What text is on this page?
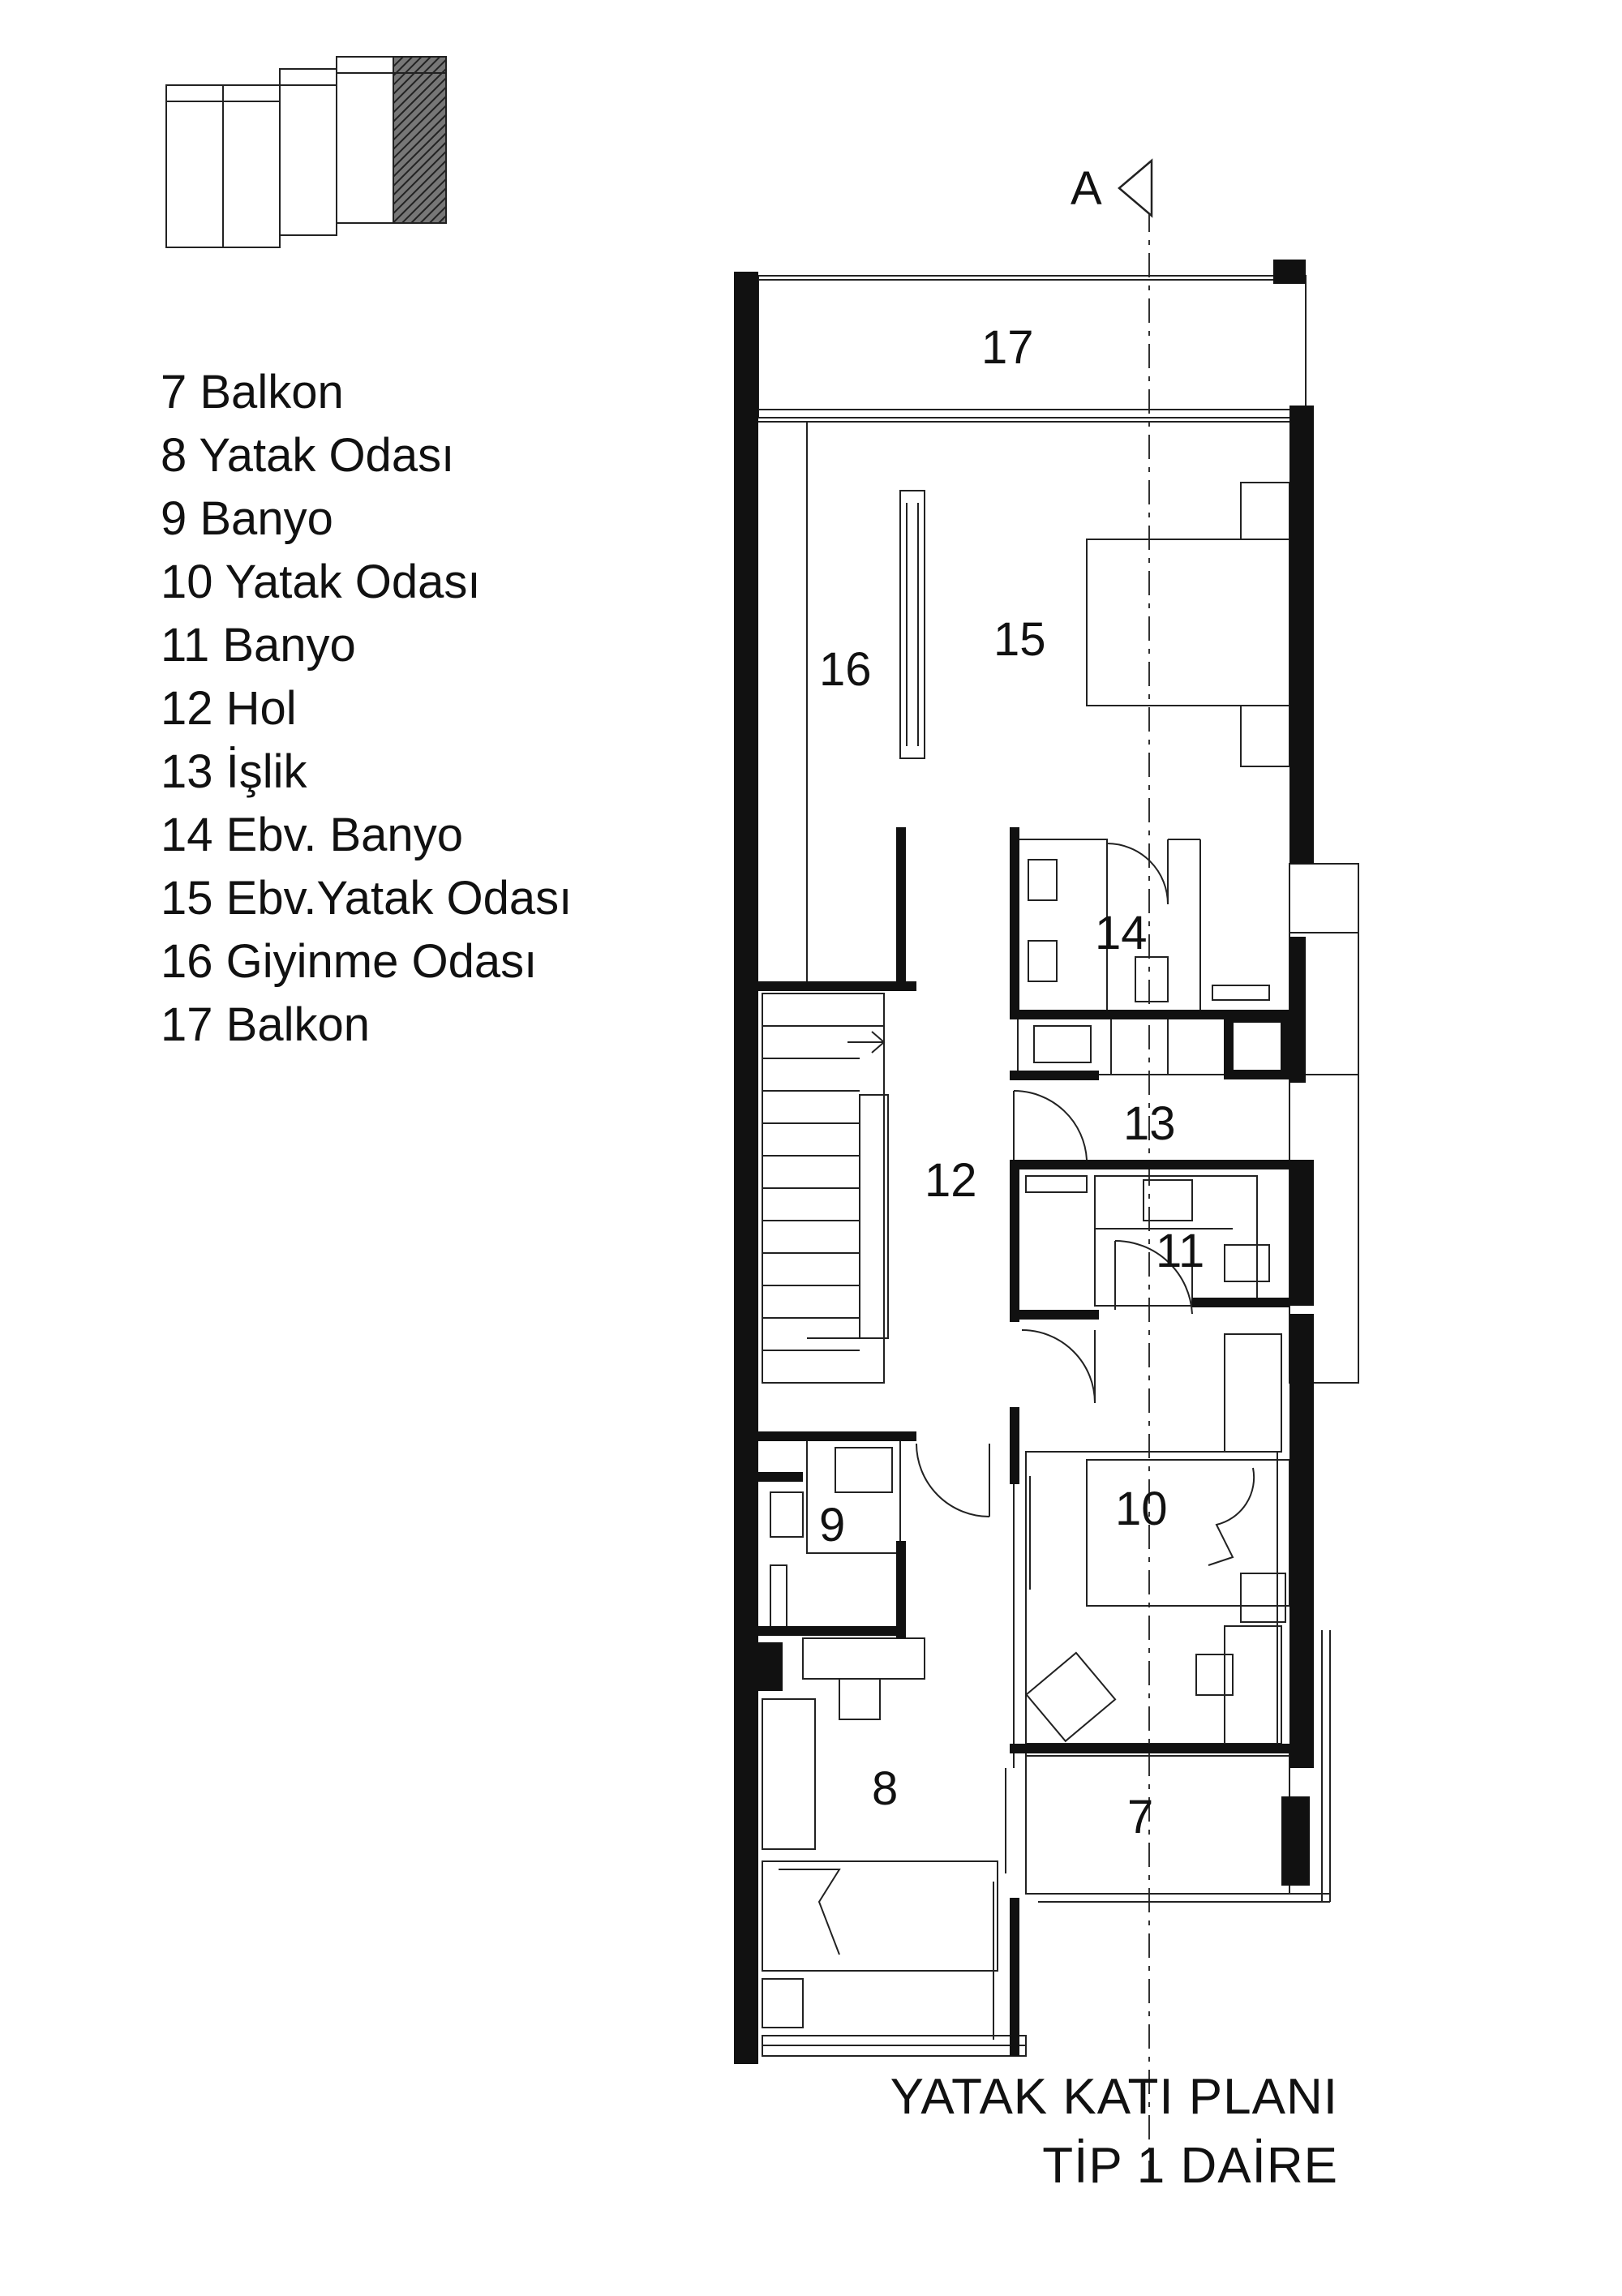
A
17
15
16
14
13
12
11
10
9
8
7
7 Balkon
8 Yatak Odası
9 Banyo
10 Yatak Odası
11 Banyo
12 Hol
13 İşlik
14 Ebv. Banyo
15 Ebv.Yatak Odası
16 Giyinme Odası
17 Balkon
YATAK KATI PLANI
TİP 1 DAİRE
